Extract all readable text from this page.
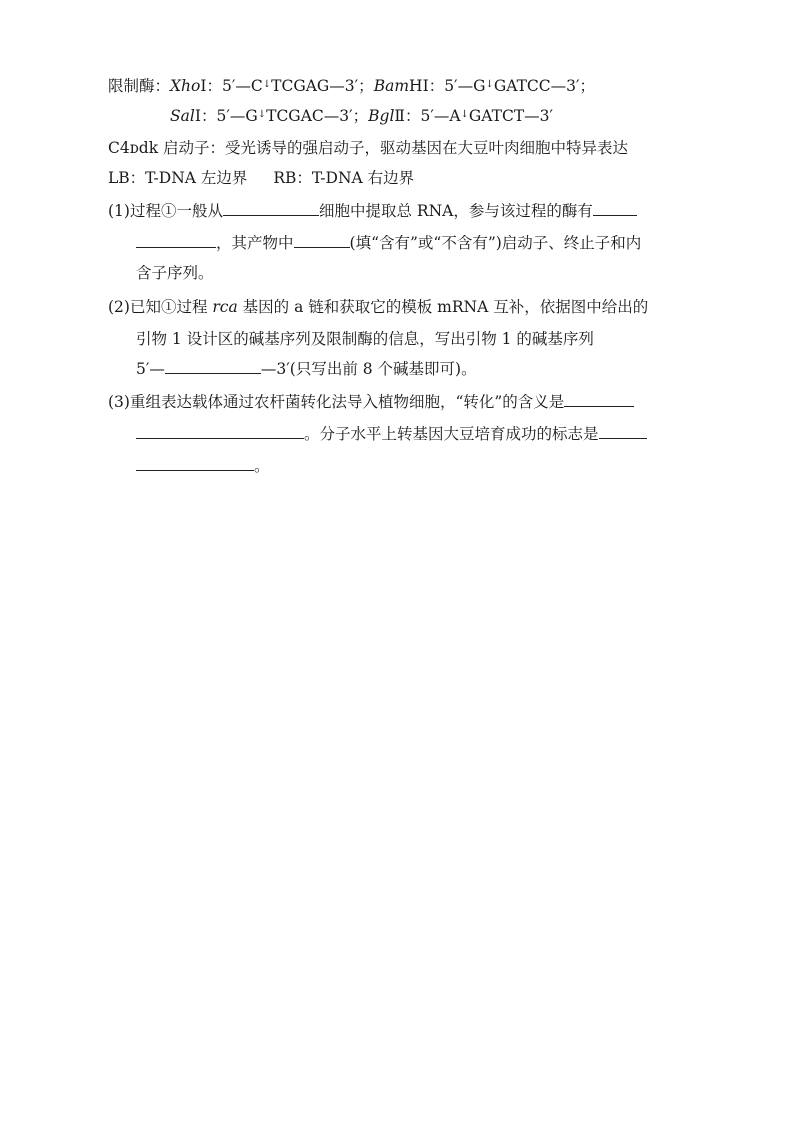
限制酶：XhoⅠ：5′—C↓TCGAG—3′；BamHⅠ：5′—G↓GATCC—3′；
SalⅠ：5′—G↓TCGAC—3′；BglⅡ：5′—A↓GATCT—3′
C4ᴅdk 启动子：受光诱导的强启动子，驱动基因在大豆叶肉细胞中特异表达
LB：T-DNA 左边界 RB：T-DNA 右边界
(1)过程①一般从	细胞中提取总 RNA，参与该过程的酶有
，其产物中	(填“含有”或“不含有”)启动子、终止子和内
含子序列。
(2)已知①过程 rca 基因的 a 链和获取它的模板 mRNA 互补，依据图中给出的
引物 1 设计区的碱基序列及限制酶的信息，写出引物 1 的碱基序列
5′—	—3′(只写出前 8 个碱基即可)。
(3)重组表达载体通过农杆菌转化法导入植物细胞，“转化”的含义是
。分子水平上转基因大豆培育成功的标志是
。
